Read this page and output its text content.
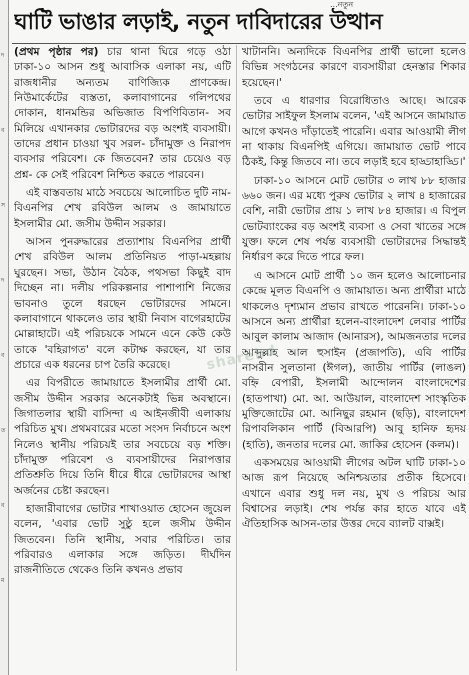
দ
ব
স
দ
ব
ত
ব
ম
...নতুন
ঘাটি ভাঙার লড়াই, নতুন দাবিদারের উত্থান

(প্রথম পৃষ্ঠার পর) চার থানা ঘিরে গড়ে ওঠা ঢাকা-১০ আসন শুধু আবাসিক এলাকা নয়, এটি রাজধানীর অন্যতম বাণিজ্যিক প্রাণকেন্দ্র। নিউমার্কেটের ব্যস্ততা, কলাবাগানের গলিপথের দোকান, ধানমন্ডির অভিজাত বিপণিবিতান- সব মিলিয়ে এখানকার ভোটারদের বড় অংশই ব্যবসায়ী। তাদের প্রধান চাওয়া খুব সরল- চাঁদামুক্ত ও নিরাপদ ব্যবসার পরিবেশ। কে জিতবেন? তার চেয়েও বড় প্রশ্ন- কে সেই পরিবেশ নিশ্চিত করতে পারবেন।

এই বাস্তবতায় মাঠে সবচেয়ে আলোচিত দুটি নাম-বিএনপির শেখ রবিউল আলম ও জামায়াতে ইসলামীর মো. জসীম উদ্দীন সরকার।

আসন পুনরুদ্ধারের প্রত্যাশায় বিএনপির প্রার্থী শেখ রবিউল আলম প্রতিনিয়ত পাড়া-মহল্লায় ঘুরছেন। সভা, উঠান বৈঠক, পথসভা কিছুই বাদ দিচ্ছেন না। দলীয় পরিকল্পনার পাশাপাশি নিজের ভাবনাও তুলে ধরছেন ভোটারদের সামনে। কলাবাগানে থাকলেও তার স্থায়ী নিবাস বাগেরহাটের মোল্লাহাটে। এই পরিচয়কে সামনে এনে কেউ কেউ তাকে 'বহিরাগত' বলে কটাক্ষ করছেন, যা তার প্রচারে এক ধরনের চাপ তৈরি করেছে।

এর বিপরীতে জামায়াতে ইসলামীর প্রার্থী মো. জসীম উদ্দীন সরকার অনেকটাই ভিন্ন অবস্থানে। জিগাতলার স্থায়ী বাসিন্দা এ আইনজীবী এলাকায় পরিচিত মুখ। প্রথমবারের মতো সংসদ নির্বাচনে অংশ নিলেও স্থানীয় পরিচয়ই তার সবচেয়ে বড় শক্তি। চাঁদামুক্ত পরিবেশ ও ব্যবসায়ীদের নিরাপত্তার প্রতিশ্রুতি দিয়ে তিনি ধীরে ধীরে ভোটারদের আস্থা অর্জনের চেষ্টা করছেন।

হাজারীবাগের ভোটার শাখাওয়াত হোসেন জুয়েল বলেন, 'এবার ভোট সুষ্ঠু হলে জসীম উদ্দীন জিতবেন। তিনি স্থানীয়, সবার পরিচিত। তার পরিবারও এলাকার সঙ্গে জড়িত। দীর্ঘদিন রাজনীতিতে থেকেও তিনি কখনও প্রভাব

খাটাননি। অন্যদিকে বিএনপির প্রার্থী ভালো হলেও বিভিন্ন সংগঠনের কারণে ব্যবসায়ীরা হেনস্তার শিকার হয়েছেন।'

তবে এ ধারণার বিরোধিতাও আছে। আরেক ভোটার সাইফুল ইসলাম বলেন, 'এই আসনে জামায়াত আগে কখনও দাঁড়াতেই পারেনি। এবার আওয়ামী লীগ না থাকায় বিএনপিই এগিয়ে। জামায়াত ভোট পাবে ঠিকই, কিন্তু জিতবে না। তবে লড়াই হবে হাড্ডাহাড্ডি।'

ঢাকা-১০ আসনে মোট ভোটার ৩ লাখ ৮৮ হাজার ৬৬০ জন। এর মধ্যে পুরুষ ভোটার ২ লাখ ৪ হাজারের বেশি, নারী ভোটার প্রায় ১ লাখ ৮৪ হাজার। এ বিপুল ভোটব্যাংকের বড় অংশই ব্যবসা ও সেবা খাতের সঙ্গে যুক্ত। ফলে শেষ পর্যন্ত ব্যবসায়ী ভোটারদের সিদ্ধান্তই নির্ধারণ করে দিতে পারে ফল।

এ আসনে মোট প্রার্থী ১০ জন হলেও আলোচনার কেন্দ্রে মূলত বিএনপি ও জামায়াত। অন্য প্রার্থীরা মাঠে থাকলেও দৃশ্যমান প্রভাব রাখতে পারেননি। ঢাকা-১০ আসনে অন্য প্রার্থীরা হলেন-বাংলাদেশ লেবার পার্টির আবুল কালাম আজাদ (আনারস), আমজনতার দলের আব্দুল্লাহ আল হুসাইন (প্রজাপতি), এবি পার্টির নাসরীন সুলতানা (ঈগল), জাতীয় পার্টির (লাঙল) বহ্নি বেপারী, ইসলামী আন্দোলন বাংলাদেশের (হাতপাখা) মো. আ. আউয়াল, বাংলাদেশ সাংস্কৃতিক মুক্তিজোটের মো. আনিছুর রহমান (ছড়ি), বাংলাদেশ রিপাবলিকান পার্টি (বিআরপি) আবু হানিফ হৃদয় (হাতি), জনতার দলের মো. জাকির হোসেন (কলম)।

একসময়ের আওয়ামী লীগের অটল ঘাটি ঢাকা-১০ আজ রূপ নিয়েছে অনিশ্চয়তার প্রতীক হিসেবে। এখানে এবার শুধু দল নয়, মুখ ও পরিচয় আর বিশ্বাসের লড়াই। শেষ পর্যন্ত কার হাতে যাবে এই ঐতিহাসিক আসন-তার উত্তর দেবে ব্যালট বাক্সই।

sharebd
